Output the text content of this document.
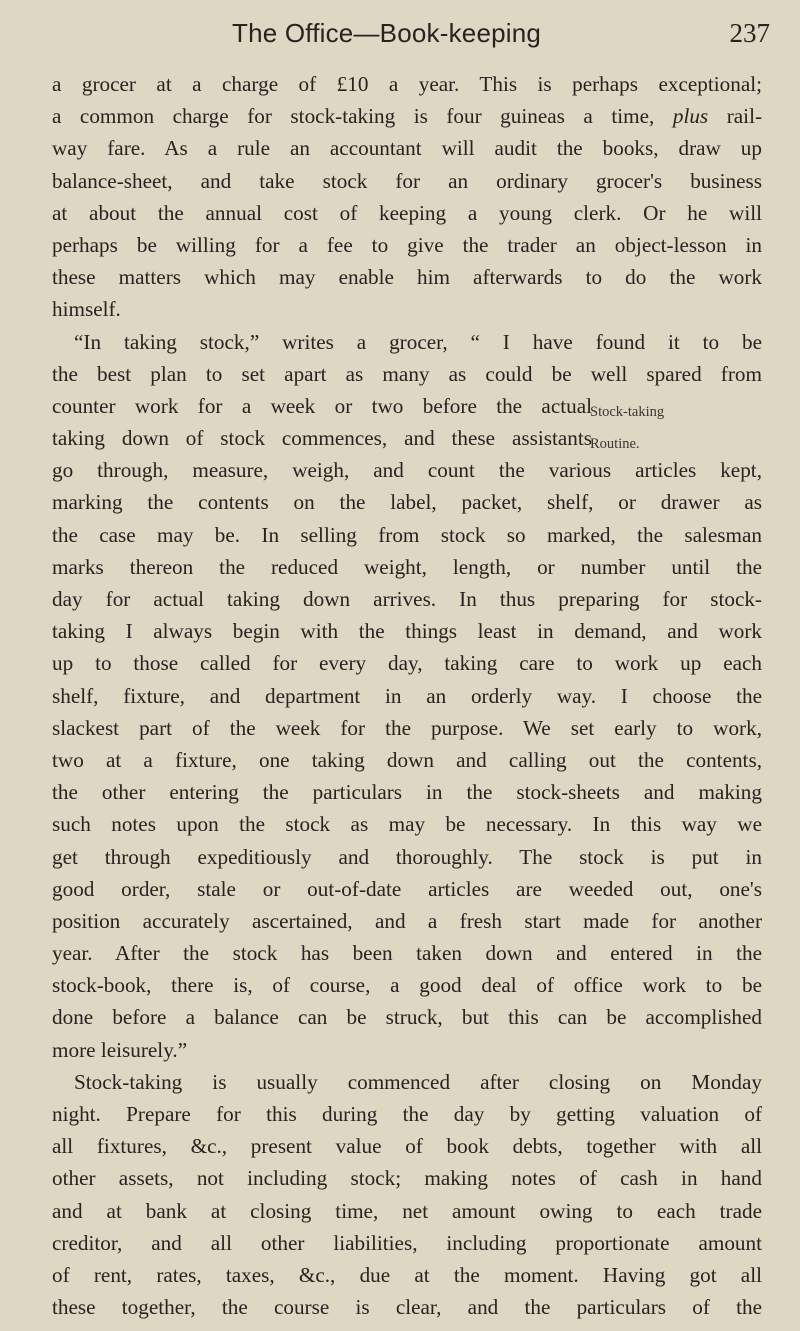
The Office—Book-keeping	237
Stock-taking
Routine.
a grocer at a charge of £10 a year. This is perhaps exceptional;
a common charge for stock-taking is four guineas a time, plus rail-
way fare. As a rule an accountant will audit the books, draw up
balance-sheet, and take stock for an ordinary grocer's business
at about the annual cost of keeping a young clerk. Or he will
perhaps be willing for a fee to give the trader an object-lesson in
these matters which may enable him afterwards to do the work
himself.
“In taking stock,” writes a grocer, “ I have found it to be
the best plan to set apart as many as could be well spared from
counter work for a week or two before the actual
taking down of stock commences, and these assistants
go through, measure, weigh, and count the various articles kept,
marking the contents on the label, packet, shelf, or drawer as
the case may be. In selling from stock so marked, the salesman
marks thereon the reduced weight, length, or number until the
day for actual taking down arrives. In thus preparing for stock-
taking I always begin with the things least in demand, and work
up to those called for every day, taking care to work up each
shelf, fixture, and department in an orderly way. I choose the
slackest part of the week for the purpose. We set early to work,
two at a fixture, one taking down and calling out the contents,
the other entering the particulars in the stock-sheets and making
such notes upon the stock as may be necessary. In this way we
get through expeditiously and thoroughly. The stock is put in
good order, stale or out-of-date articles are weeded out, one's
position accurately ascertained, and a fresh start made for another
year. After the stock has been taken down and entered in the
stock-book, there is, of course, a good deal of office work to be
done before a balance can be struck, but this can be accomplished
more leisurely.”
Stock-taking is usually commenced after closing on Monday
night. Prepare for this during the day by getting valuation of
all fixtures, &c., present value of book debts, together with all
other assets, not including stock; making notes of cash in hand
and at bank at closing time, net amount owing to each trade
creditor, and all other liabilities, including proportionate amount
of rent, rates, taxes, &c., due at the moment. Having got all
these together, the course is clear, and the particulars of the
